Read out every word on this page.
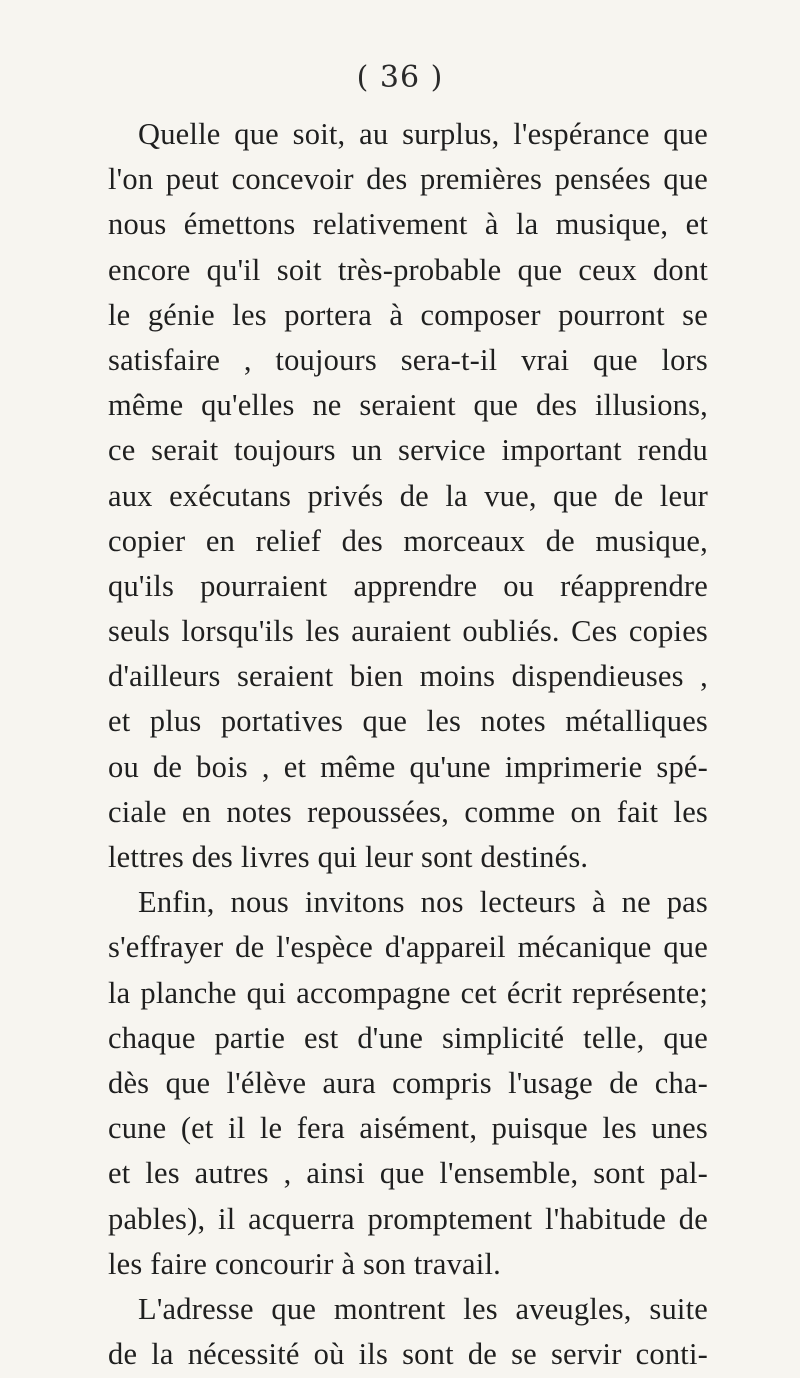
( 36 )
Quelle que soit, au surplus, l'espérance que
l'on peut concevoir des premières pensées que
nous émettons relativement à la musique, et
encore qu'il soit très-probable que ceux dont
le génie les portera à composer pourront se
satisfaire , toujours sera-t-il vrai que lors
même qu'elles ne seraient que des illusions,
ce serait toujours un service important rendu
aux exécutans privés de la vue, que de leur
copier en relief des morceaux de musique,
qu'ils pourraient apprendre ou réapprendre
seuls lorsqu'ils les auraient oubliés. Ces copies
d'ailleurs seraient bien moins dispendieuses ,
et plus portatives que les notes métalliques
ou de bois , et même qu'une imprimerie spé-
ciale en notes repoussées, comme on fait les
lettres des livres qui leur sont destinés.
Enfin, nous invitons nos lecteurs à ne pas
s'effrayer de l'espèce d'appareil mécanique que
la planche qui accompagne cet écrit représente;
chaque partie est d'une simplicité telle, que
dès que l'élève aura compris l'usage de cha-
cune (et il le fera aisément, puisque les unes
et les autres , ainsi que l'ensemble, sont pal-
pables), il acquerra promptement l'habitude de
les faire concourir à son travail.
L'adresse que montrent les aveugles, suite
de la nécessité où ils sont de se servir conti-
